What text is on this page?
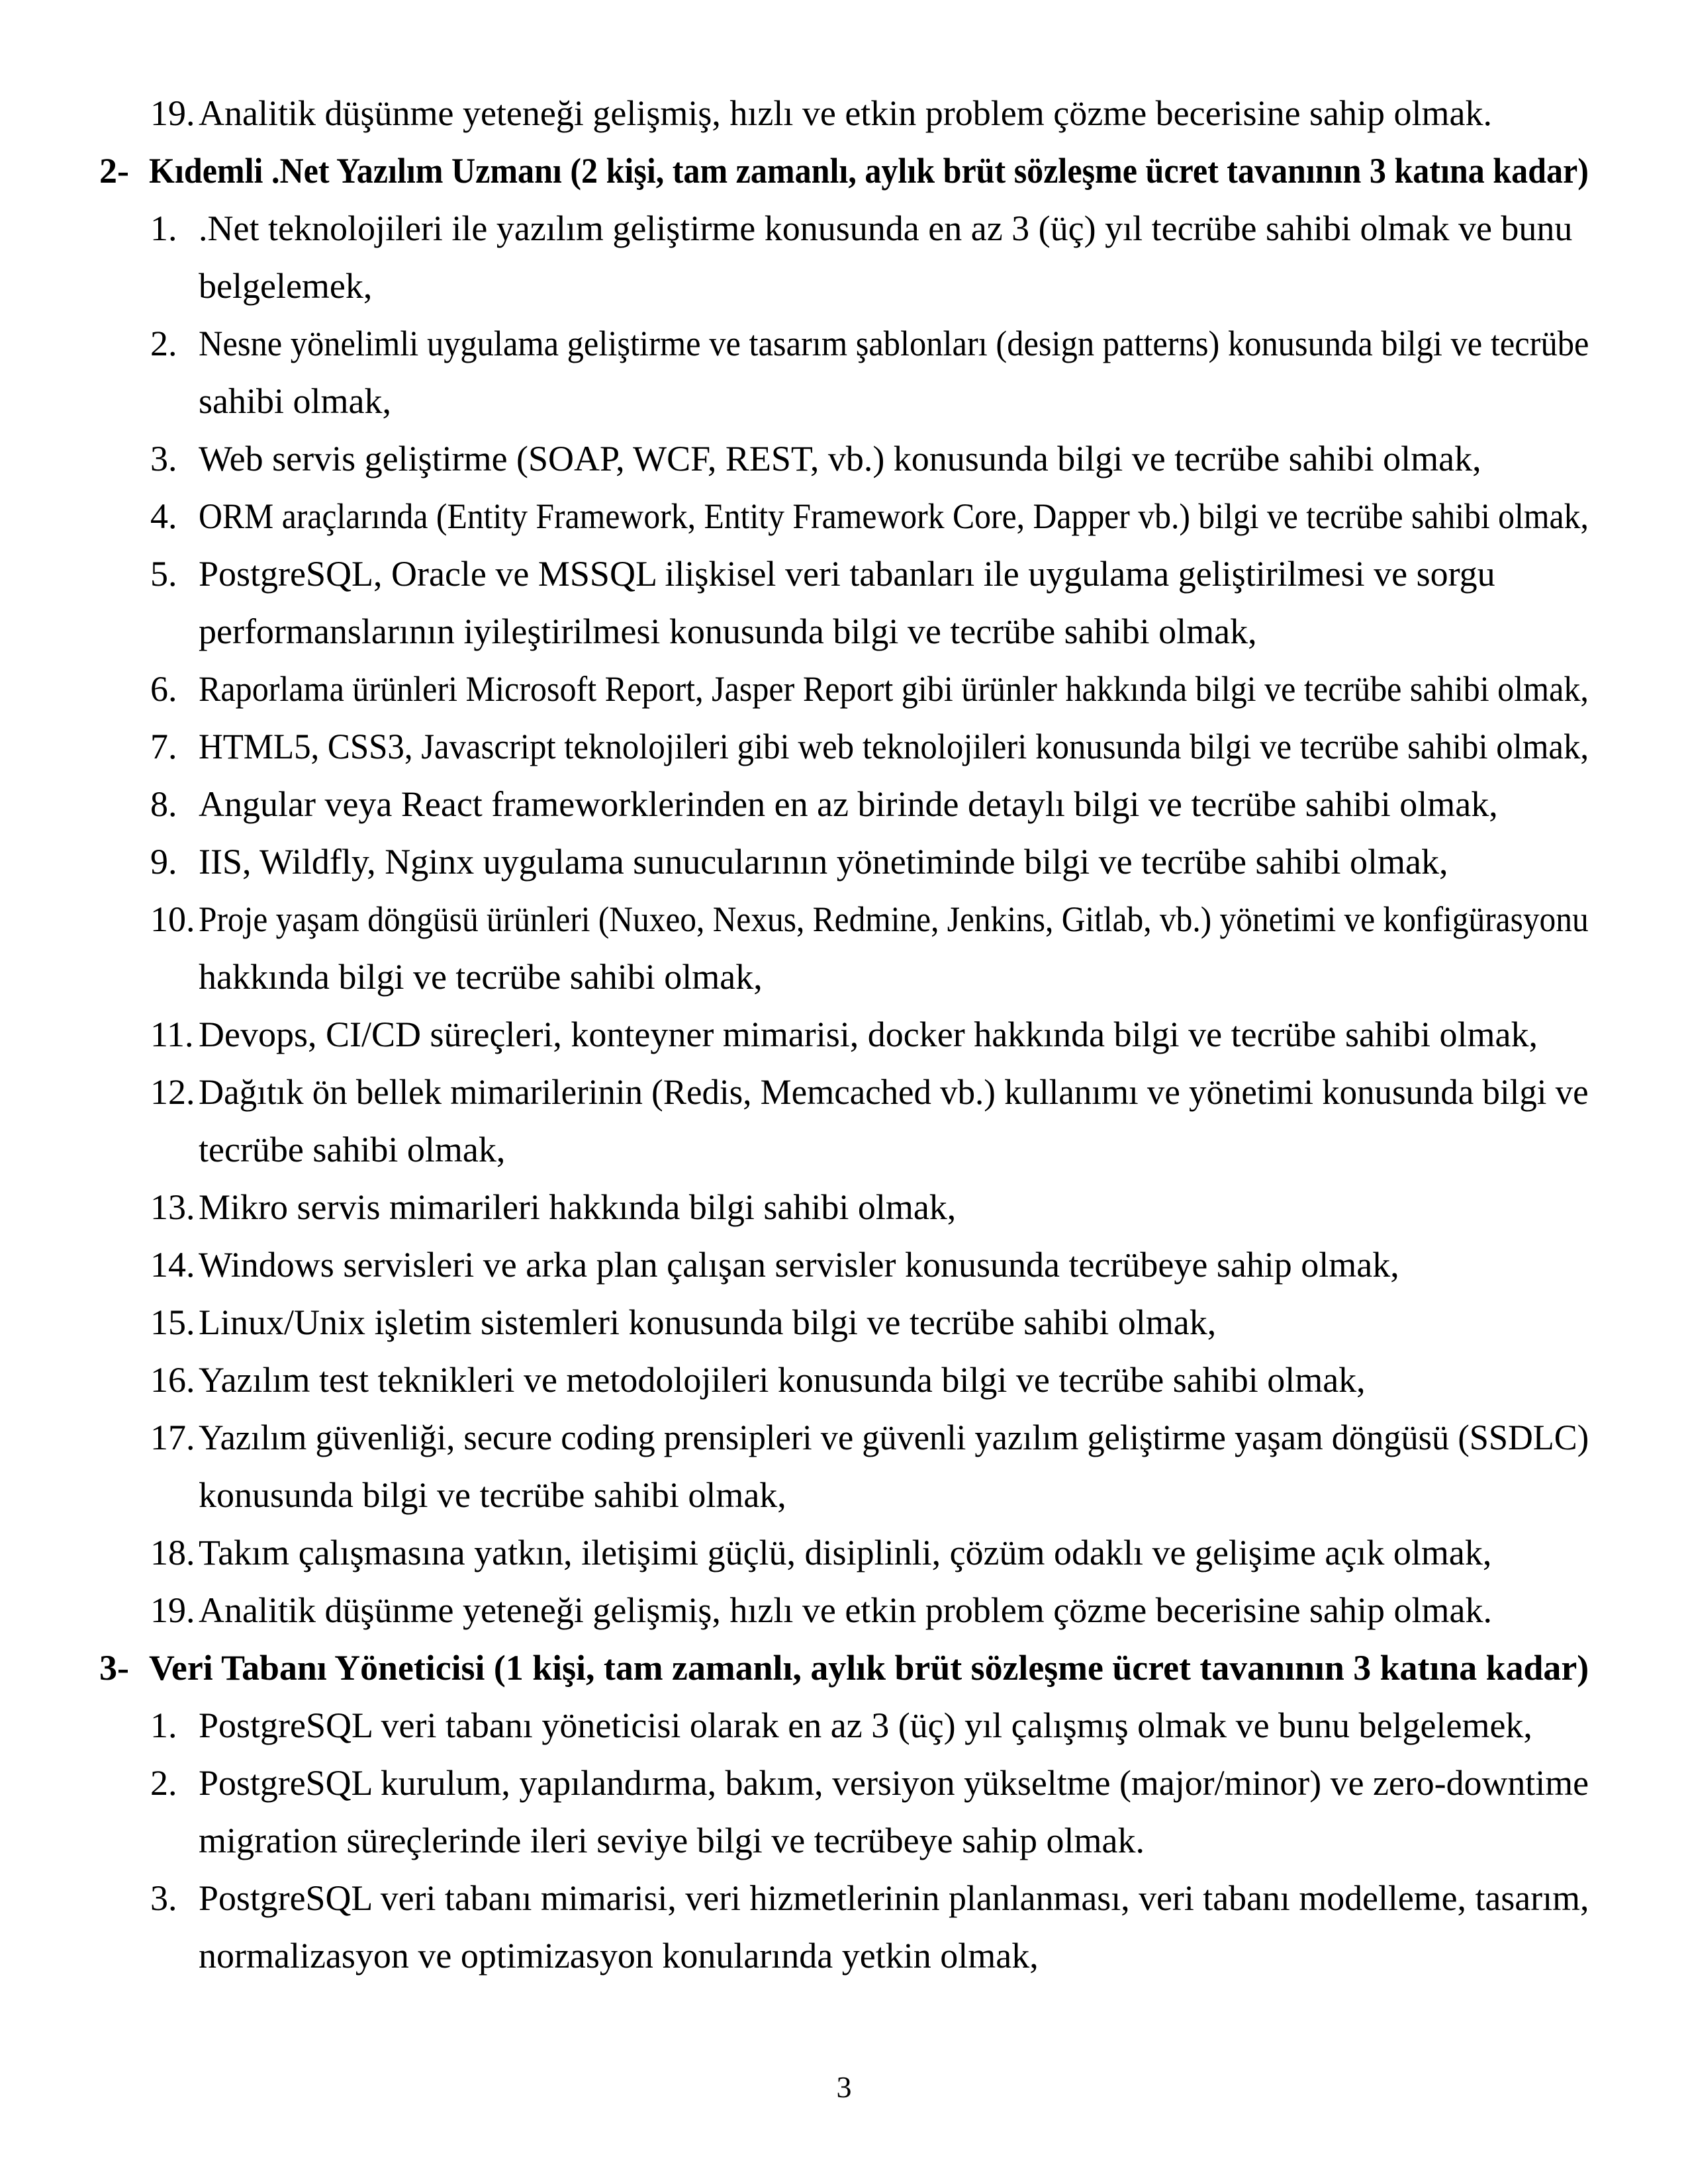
19. Analitik düşünme yeteneği gelişmiş, hızlı ve etkin problem çözme becerisine sahip olmak.
2- Kıdemli .Net Yazılım Uzmanı (2 kişi, tam zamanlı, aylık brüt sözleşme ücret tavanının 3 katına kadar)
1. .Net teknolojileri ile yazılım geliştirme konusunda en az 3 (üç) yıl tecrübe sahibi olmak ve bunu
belgelemek,
2. Nesne yönelimli uygulama geliştirme ve tasarım şablonları (design patterns) konusunda bilgi ve tecrübe
sahibi olmak,
3. Web servis geliştirme (SOAP, WCF, REST, vb.) konusunda bilgi ve tecrübe sahibi olmak,
4. ORM araçlarında (Entity Framework, Entity Framework Core, Dapper vb.) bilgi ve tecrübe sahibi olmak,
5. PostgreSQL, Oracle ve MSSQL ilişkisel veri tabanları ile uygulama geliştirilmesi ve sorgu
performanslarının iyileştirilmesi konusunda bilgi ve tecrübe sahibi olmak,
6. Raporlama ürünleri Microsoft Report, Jasper Report gibi ürünler hakkında bilgi ve tecrübe sahibi olmak,
7. HTML5, CSS3, Javascript teknolojileri gibi web teknolojileri konusunda bilgi ve tecrübe sahibi olmak,
8. Angular veya React frameworklerinden en az birinde detaylı bilgi ve tecrübe sahibi olmak,
9. IIS, Wildfly, Nginx uygulama sunucularının yönetiminde bilgi ve tecrübe sahibi olmak,
10. Proje yaşam döngüsü ürünleri (Nuxeo, Nexus, Redmine, Jenkins, Gitlab, vb.) yönetimi ve konfigürasyonu
hakkında bilgi ve tecrübe sahibi olmak,
11. Devops, CI/CD süreçleri, konteyner mimarisi, docker hakkında bilgi ve tecrübe sahibi olmak,
12. Dağıtık ön bellek mimarilerinin (Redis, Memcached vb.) kullanımı ve yönetimi konusunda bilgi ve
tecrübe sahibi olmak,
13. Mikro servis mimarileri hakkında bilgi sahibi olmak,
14. Windows servisleri ve arka plan çalışan servisler konusunda tecrübeye sahip olmak,
15. Linux/Unix işletim sistemleri konusunda bilgi ve tecrübe sahibi olmak,
16. Yazılım test teknikleri ve metodolojileri konusunda bilgi ve tecrübe sahibi olmak,
17. Yazılım güvenliği, secure coding prensipleri ve güvenli yazılım geliştirme yaşam döngüsü (SSDLC)
konusunda bilgi ve tecrübe sahibi olmak,
18. Takım çalışmasına yatkın, iletişimi güçlü, disiplinli, çözüm odaklı ve gelişime açık olmak,
19. Analitik düşünme yeteneği gelişmiş, hızlı ve etkin problem çözme becerisine sahip olmak.
3- Veri Tabanı Yöneticisi (1 kişi, tam zamanlı, aylık brüt sözleşme ücret tavanının 3 katına kadar)
1. PostgreSQL veri tabanı yöneticisi olarak en az 3 (üç) yıl çalışmış olmak ve bunu belgelemek,
2. PostgreSQL kurulum, yapılandırma, bakım, versiyon yükseltme (major/minor) ve zero-downtime
migration süreçlerinde ileri seviye bilgi ve tecrübeye sahip olmak.
3. PostgreSQL veri tabanı mimarisi, veri hizmetlerinin planlanması, veri tabanı modelleme, tasarım,
normalizasyon ve optimizasyon konularında yetkin olmak,
3
